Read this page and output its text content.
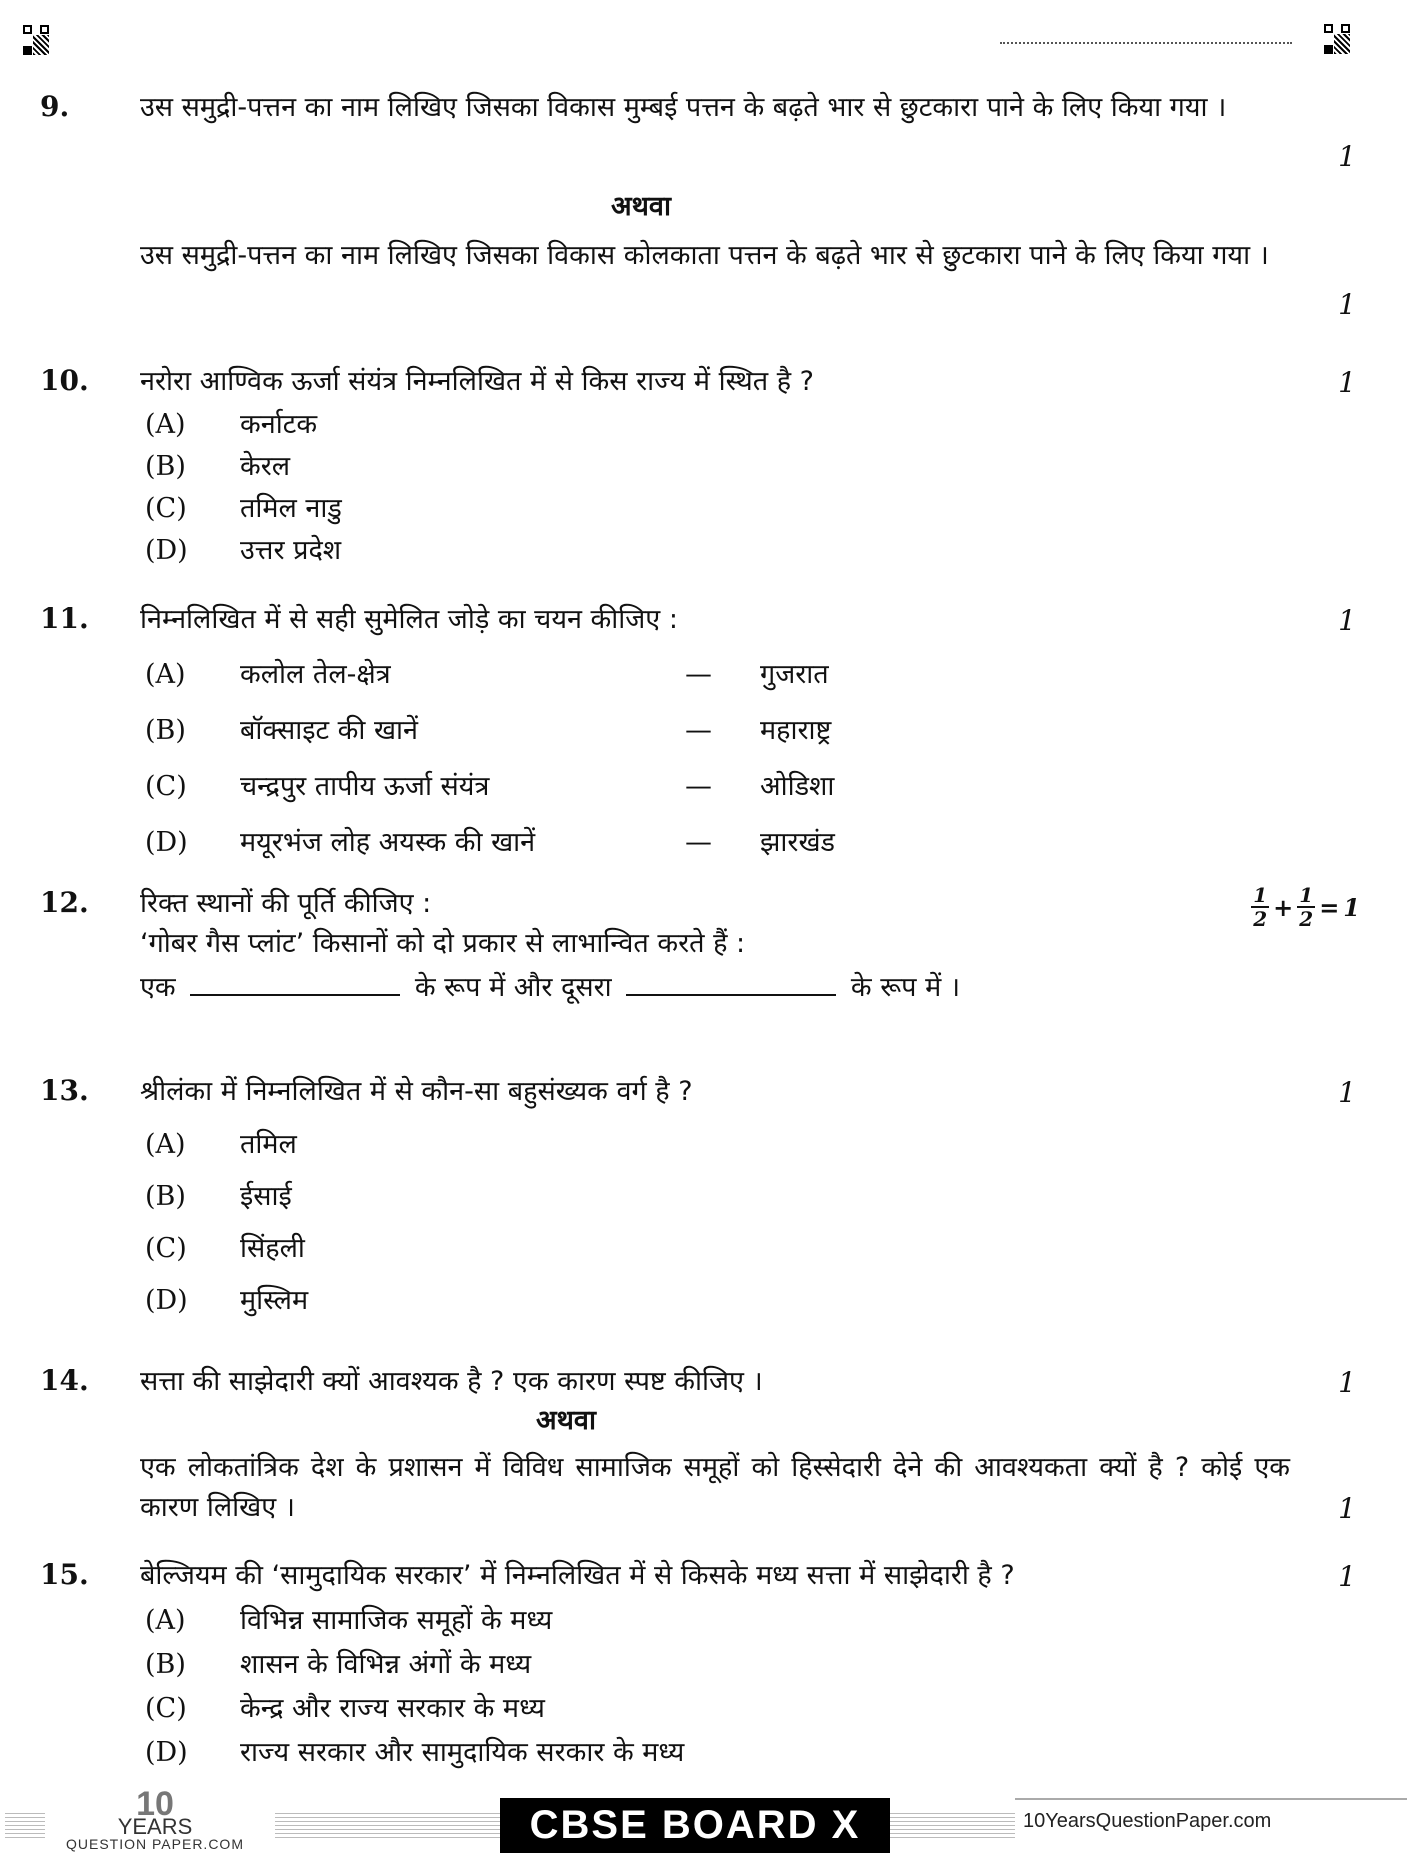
9.	उस समुद्री-पत्तन का नाम लिखिए जिसका विकास मुम्बई पत्तन के बढ़ते भार से छुटकारा पाने के लिए किया गया ।
1
अथवा
उस समुद्री-पत्तन का नाम लिखिए जिसका विकास कोलकाता पत्तन के बढ़ते भार से छुटकारा पाने के लिए किया गया ।
1
10. नरोरा आण्विक ऊर्जा संयंत्र निम्नलिखित में से किस राज्य में स्थित है ?	1
(A) कर्नाटक
(B) केरल
(C) तमिल नाडु
(D) उत्तर प्रदेश
11. निम्नलिखित में से सही सुमेलित जोड़े का चयन कीजिए :	1
(A) कलोल तेल-क्षेत्र	— गुजरात
(B) बॉक्साइट की खानें	— महाराष्ट्र
(C) चन्द्रपुर तापीय ऊर्जा संयंत्र	— ओडिशा
(D) मयूरभंज लोह अयस्क की खानें	— झारखंड
12. रिक्त स्थानों की पूर्ति कीजिए :	1
$2 + \frac{1}{2} = 1$
‘गोबर गैस प्लांट’ किसानों को दो प्रकार से लाभान्वित करते हैं :
एक	के रूप में और दूसरा	के रूप में ।
13. श्रीलंका में निम्नलिखित में से कौन-सा बहुसंख्यक वर्ग है ?	1
(A) तमिल
(B) ईसाई
(C) सिंहली
(D) मुस्लिम
14. सत्ता की साझेदारी क्यों आवश्यक है ? एक कारण स्पष्ट कीजिए ।	1
अथवा
एक लोकतांत्रिक देश के प्रशासन में विविध सामाजिक समूहों को हिस्सेदारी देने की आवश्यकता क्यों है ? कोई एक कारण लिखिए ।	1
15. बेल्जियम की ‘सामुदायिक सरकार’ में निम्नलिखित में से किसके मध्य सत्ता में साझेदारी है ?	1
(A) विभिन्न सामाजिक समूहों के मध्य
(B) शासन के विभिन्न अंगों के मध्य
(C) केन्द्र और राज्य सरकार के मध्य
(D) राज्य सरकार और सामुदायिक सरकार के मध्य
10
YEARS
QUESTION PAPER.COM	CBSE BOARD X	10YearsQuestionPaper.com
